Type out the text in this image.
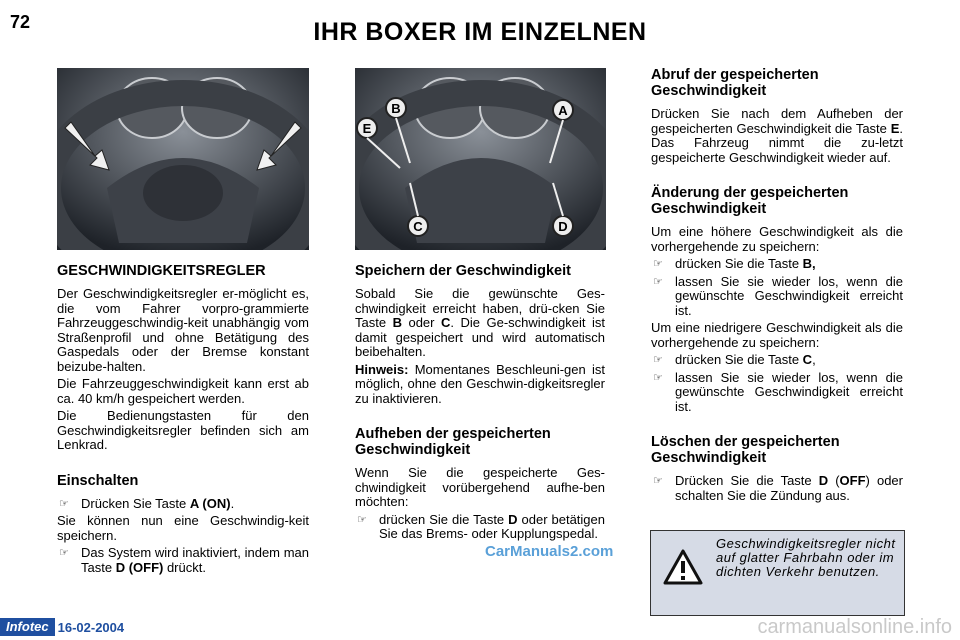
72	IHR BOXER IM EINZELNEN
B
E
A
C	D
GESCHWINDIGKEITSREGLER

Der Geschwindigkeitsregler er-möglicht es, die vom Fahrer vorpro-grammierte Fahrzeuggeschwindig-keit unabhängig vom Straßenprofil und ohne Betätigung des Gaspedals oder der Bremse konstant beizube-halten.

Die Fahrzeuggeschwindigkeit kann erst ab ca. 40 km/h gespeichert werden.

Die Bedienungstasten für den Geschwindigkeitsregler befinden sich am Lenkrad.

Einschalten
☞ Drücken Sie Taste A (ON).

Sie können nun eine Geschwindig-keit speichern.

☞ Das System wird inaktiviert, indem man Taste D (OFF) drückt.
Speichern der Geschwindigkeit

Sobald Sie die gewünschte Ges-chwindigkeit erreicht haben, drü-cken Sie Taste B oder C. Die Ge-schwindigkeit ist damit gespeichert und wird automatisch beibehalten.

Hinweis: Momentanes Beschleuni-gen ist möglich, ohne den Geschwin-digkeitsregler zu inaktivieren.

Aufheben der gespeicherten Geschwindigkeit

Wenn Sie die gespeicherte Ges-chwindigkeit vorübergehend aufhe-ben möchten:

☞ drücken Sie die Taste D oder betätigen Sie das Brems- oder Kupplungspedal.
Abruf der gespeicherten Geschwindigkeit

Drücken Sie nach dem Aufheben der gespeicherten Geschwindigkeit die Taste E. Das Fahrzeug nimmt die zu-letzt gespeicherte Geschwindigkeit wieder auf.

Änderung der gespeicherten Geschwindigkeit

Um eine höhere Geschwindigkeit als die vorhergehende zu speichern:

☞ drücken Sie die Taste B,
☞ lassen Sie sie wieder los, wenn die gewünschte Geschwindigkeit erreicht ist.

Um eine niedrigere Geschwindigkeit als die vorhergehende zu speichern:

☞ drücken Sie die Taste C,
☞ lassen Sie sie wieder los, wenn die gewünschte Geschwindigkeit erreicht ist.
Löschen der gespeicherten Geschwindigkeit
☞ Drücken Sie die Taste D (OFF) oder schalten Sie die Zündung aus.
Geschwindigkeitsregler nicht auf glatter Fahrbahn oder im dichten Verkehr benutzen.
CarManuals2.com
Infotec 16-02-2004	carmanualsonline.info
